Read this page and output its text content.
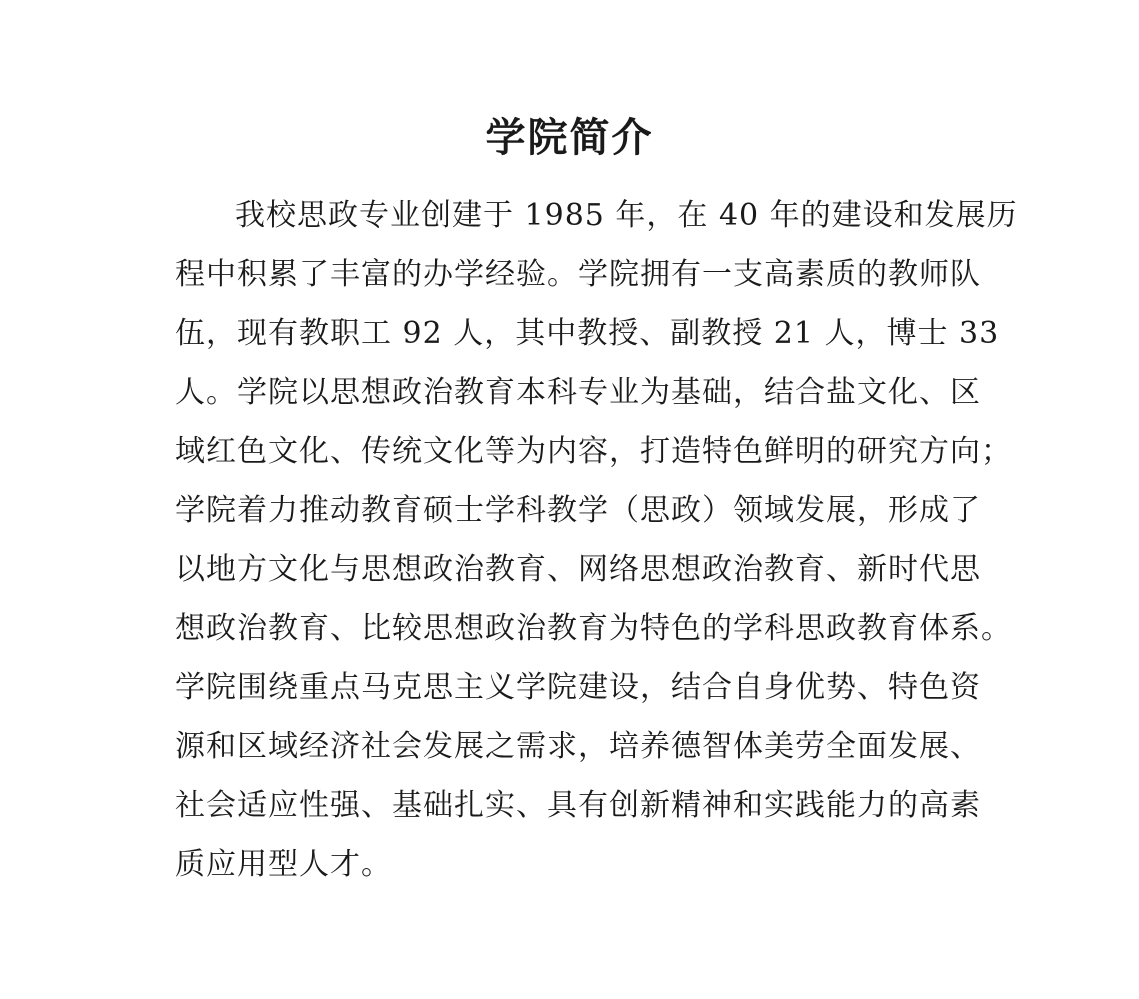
学院简介
我校思政专业创建于 1985 年，在 40 年的建设和发展历
程中积累了丰富的办学经验。学院拥有一支高素质的教师队
伍，现有教职工 92 人，其中教授、副教授 21 人，博士 33
人。学院以思想政治教育本科专业为基础，结合盐文化、区
域红色文化、传统文化等为内容，打造特色鲜明的研究方向；
学院着力推动教育硕士学科教学（思政）领域发展，形成了
以地方文化与思想政治教育、网络思想政治教育、新时代思
想政治教育、比较思想政治教育为特色的学科思政教育体系。
学院围绕重点马克思主义学院建设，结合自身优势、特色资
源和区域经济社会发展之需求，培养德智体美劳全面发展、
社会适应性强、基础扎实、具有创新精神和实践能力的高素
质应用型人才。
